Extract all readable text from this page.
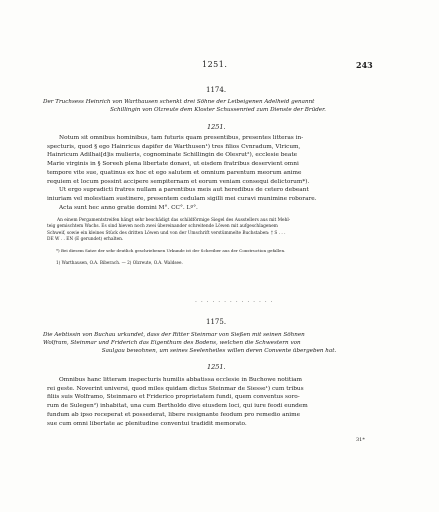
1251.	243
1174.
Der Truchsess Heinrich von Warthausen schenkt drei Söhne der Leibeigenen Adelheid genannt
Schillingin von Olzreute dem Kloster Schussenried zum Dienste der Brüder.
1251.

Notum sit omnibus hominibus, tam futuris quam presentibus, presentes litteras in-

specturis, quod § ego Hainricus dapifer de Warthusen¹) tres filios Cvnradum, Vlricum,
Hainricum Adilhai[d]is mulieris, cognominate Schillingin de Olesrut²), ecclesie beate
Marie virginis in § Soreeh plena libertate donavi, ut eisdem fratribus deservient omni
tempore vite sue, quatinus ex hoc et ego salutem et omnium parentum meorum anime
requiem et locum possint accipere sempiternam et eorum veniam consequi delictorum*).

Ut ergo supradicti fratres nullam a parentibus meis aut heredibus de cetero debeant

iniuriam vel molestiam sustinere, presentem cedulam sigilli mei curavi munimine roborare.

Acta sunt hec anno gratie domini M°. CC°. Lº°.

An einem Pergamentstreifen hängt sehr beschädigt das schildförmige Siegel des Ausstellers aus mit Mehl-

teig gemischtem Wachs. Es sind hieven noch zwei übereinander schreitende Löwen mit aufgeschlagenem
Schweif, sowie ein kleines Stück des dritten Löwen und von der Umschrift verstümmelte Buchstaben: † S . . .
DE W . . EN (E gerundet) erhalten.
*) Bei diesem Satze der sehr deutlich geschriebenen Urkunde ist der Schreiber aus der Construction gefallen.
1) Warthausen, O.A. Biberach. — 2) Olzreute, O.A. Waldsee.
. . . . . . . . . . . . . .
1175.
Die Aebtissin von Buchau urkundet, dass der Ritter Steinmar von Sießen mit seinen Söhnen
Wolfram, Steinmar und Friderich das Eigenthum des Bodens, welchen die Schwestern von
Saulgau bewohnen, um seines Seelenheiles willen deren Convente übergeben hat.
1251.

Omnibus hanc litteram inspecturis humilis abbatissa ecclesie in Buchowe notitiam

rei geste. Noverint universi, quod miles quidam dictus Steinmar de Siesse¹) cum tribus
filiis suis Wolframo, Steinmaro et Friderico proprietatem fundi, quem conventus soro-
rum de Sulegen²) inhabitat, una cum Bertholdo dive eiusdem loci, qui iure feodi eundem
fundum ab ipso receperat et possederat, libere resignante feodum pro remedio anime
sue cum omni libertate ac plenitudine conventui tradidit memorato.
31*
